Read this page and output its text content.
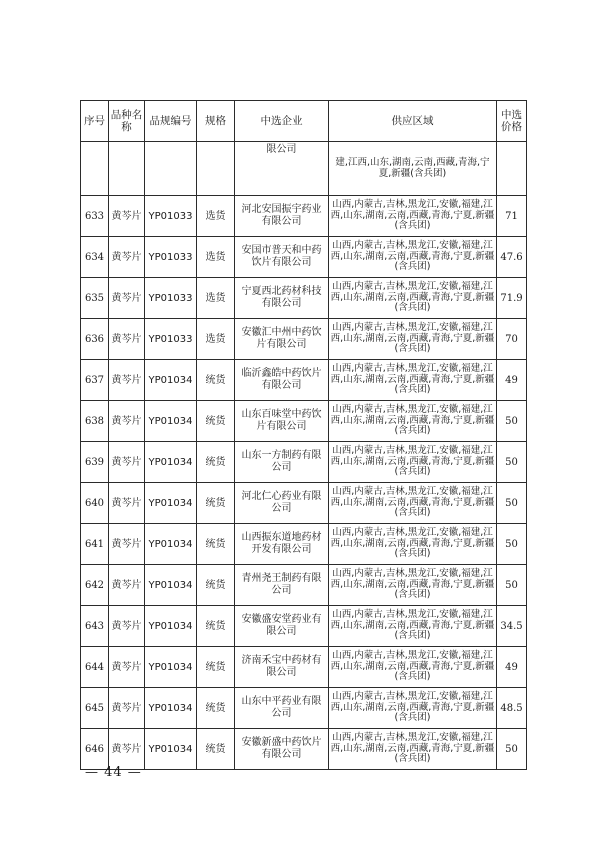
序号	品种名称	品规编号	规格	中选企业	供应区域	中选价格
				限公司	建,江西,山东,湖南,云南,西藏,青海,宁夏,新疆(含兵团)	
633	黄芩片	YP01033	选货	河北安国振宇药业有限公司	山西,内蒙古,吉林,黑龙江,安徽,福建,江西,山东,湖南,云南,西藏,青海,宁夏,新疆(含兵团)	71
634	黄芩片	YP01033	选货	安国市普天和中药饮片有限公司	山西,内蒙古,吉林,黑龙江,安徽,福建,江西,山东,湖南,云南,西藏,青海,宁夏,新疆(含兵团)	47.6
635	黄芩片	YP01033	选货	宁夏西北药材科技有限公司	山西,内蒙古,吉林,黑龙江,安徽,福建,江西,山东,湖南,云南,西藏,青海,宁夏,新疆(含兵团)	71.9
636	黄芩片	YP01033	选货	安徽汇中州中药饮片有限公司	山西,内蒙古,吉林,黑龙江,安徽,福建,江西,山东,湖南,云南,西藏,青海,宁夏,新疆(含兵团)	70
637	黄芩片	YP01034	统货	临沂鑫皓中药饮片有限公司	山西,内蒙古,吉林,黑龙江,安徽,福建,江西,山东,湖南,云南,西藏,青海,宁夏,新疆(含兵团)	49
638	黄芩片	YP01034	统货	山东百味堂中药饮片有限公司	山西,内蒙古,吉林,黑龙江,安徽,福建,江西,山东,湖南,云南,西藏,青海,宁夏,新疆(含兵团)	50
639	黄芩片	YP01034	统货	山东一方制药有限公司	山西,内蒙古,吉林,黑龙江,安徽,福建,江西,山东,湖南,云南,西藏,青海,宁夏,新疆(含兵团)	50
640	黄芩片	YP01034	统货	河北仁心药业有限公司	山西,内蒙古,吉林,黑龙江,安徽,福建,江西,山东,湖南,云南,西藏,青海,宁夏,新疆(含兵团)	50
641	黄芩片	YP01034	统货	山西振东道地药材开发有限公司	山西,内蒙古,吉林,黑龙江,安徽,福建,江西,山东,湖南,云南,西藏,青海,宁夏,新疆(含兵团)	50
642	黄芩片	YP01034	统货	青州尧王制药有限公司	山西,内蒙古,吉林,黑龙江,安徽,福建,江西,山东,湖南,云南,西藏,青海,宁夏,新疆(含兵团)	50
643	黄芩片	YP01034	统货	安徽盛安堂药业有限公司	山西,内蒙古,吉林,黑龙江,安徽,福建,江西,山东,湖南,云南,西藏,青海,宁夏,新疆(含兵团)	34.5
644	黄芩片	YP01034	统货	济南禾宝中药材有限公司	山西,内蒙古,吉林,黑龙江,安徽,福建,江西,山东,湖南,云南,西藏,青海,宁夏,新疆(含兵团)	49
645	黄芩片	YP01034	统货	山东中平药业有限公司	山西,内蒙古,吉林,黑龙江,安徽,福建,江西,山东,湖南,云南,西藏,青海,宁夏,新疆(含兵团)	48.5
646	黄芩片	YP01034	统货	安徽新盛中药饮片有限公司	山西,内蒙古,吉林,黑龙江,安徽,福建,江西,山东,湖南,云南,西藏,青海,宁夏,新疆(含兵团)	50
— 44 —
